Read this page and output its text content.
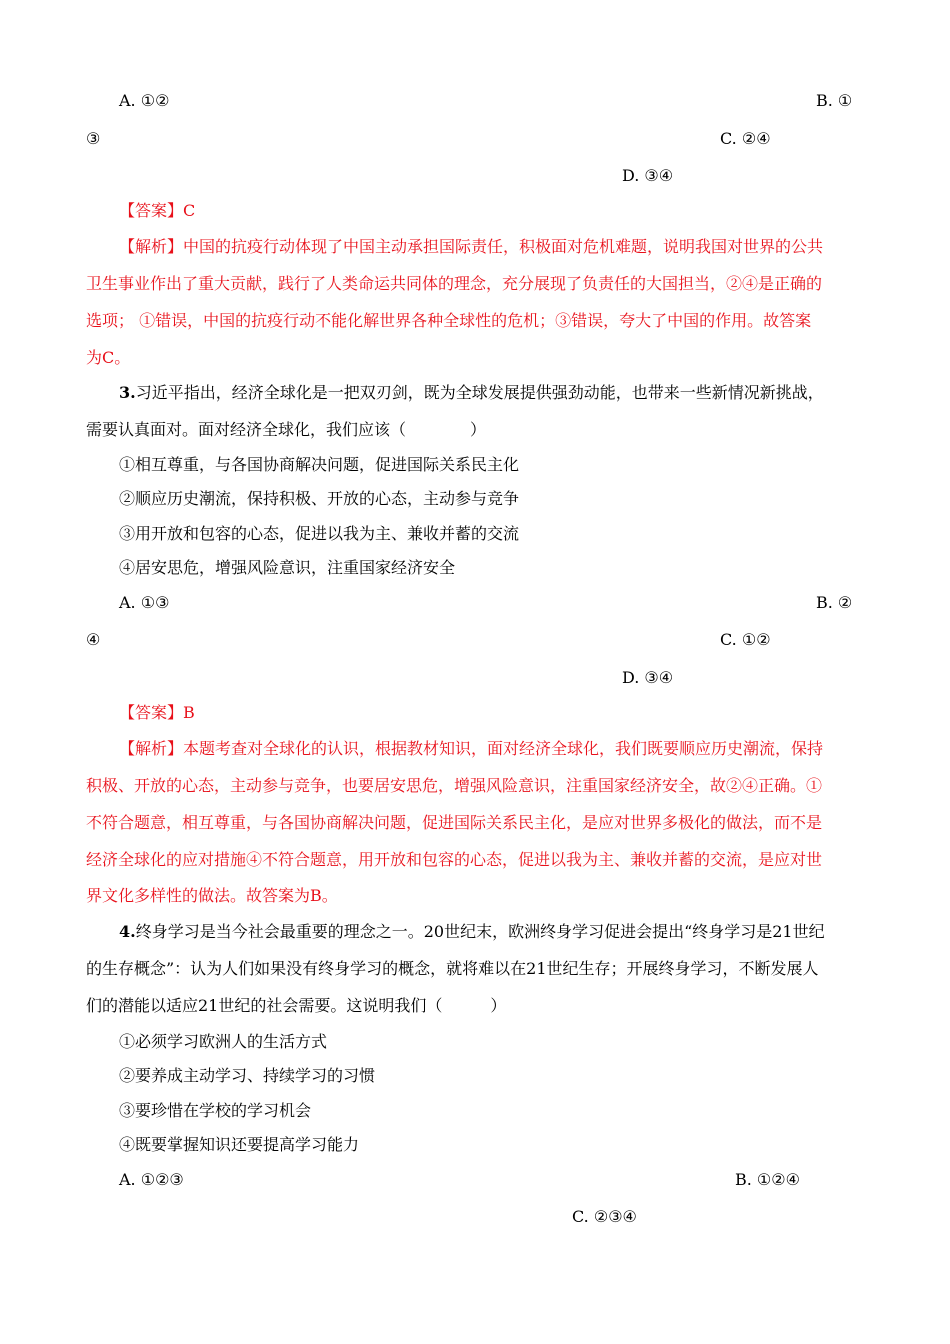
A. ①②	B. ①
③	C. ②④
D. ③④
【答案】C
【解析】中国的抗疫行动体现了中国主动承担国际责任，积极面对危机难题，说明我国对世界的公共
卫生事业作出了重大贡献，践行了人类命运共同体的理念，充分展现了负责任的大国担当，②④是正确的
选项； ①错误，中国的抗疫行动不能化解世界各种全球性的危机；③错误，夸大了中国的作用。故答案
为C。
3.习近平指出，经济全球化是一把双刃剑，既为全球发展提供强劲动能，也带来一些新情况新挑战，
需要认真面对。面对经济全球化，我们应该（　　　　）
①相互尊重，与各国协商解决问题，促进国际关系民主化
②顺应历史潮流，保持积极、开放的心态，主动参与竞争
③用开放和包容的心态，促进以我为主、兼收并蓄的交流
④居安思危，增强风险意识，注重国家经济安全
A. ①③	B. ②
④	C. ①②
D. ③④
【答案】B
【解析】本题考查对全球化的认识，根据教材知识，面对经济全球化，我们既要顺应历史潮流，保持
积极、开放的心态，主动参与竞争，也要居安思危，增强风险意识，注重国家经济安全，故②④正确。①
不符合题意，相互尊重，与各国协商解决问题，促进国际关系民主化，是应对世界多极化的做法，而不是
经济全球化的应对措施④不符合题意，用开放和包容的心态，促进以我为主、兼收并蓄的交流，是应对世
界文化多样性的做法。故答案为B。
4.终身学习是当今社会最重要的理念之一。20世纪末，欧洲终身学习促进会提出“终身学习是21世纪
的生存概念”：认为人们如果没有终身学习的概念，就将难以在21世纪生存；开展终身学习，不断发展人
们的潜能以适应21世纪的社会需要。这说明我们（　　　）
①必须学习欧洲人的生活方式
②要养成主动学习、持续学习的习惯
③要珍惜在学校的学习机会
④既要掌握知识还要提高学习能力
A. ①②③	B. ①②④
C. ②③④
